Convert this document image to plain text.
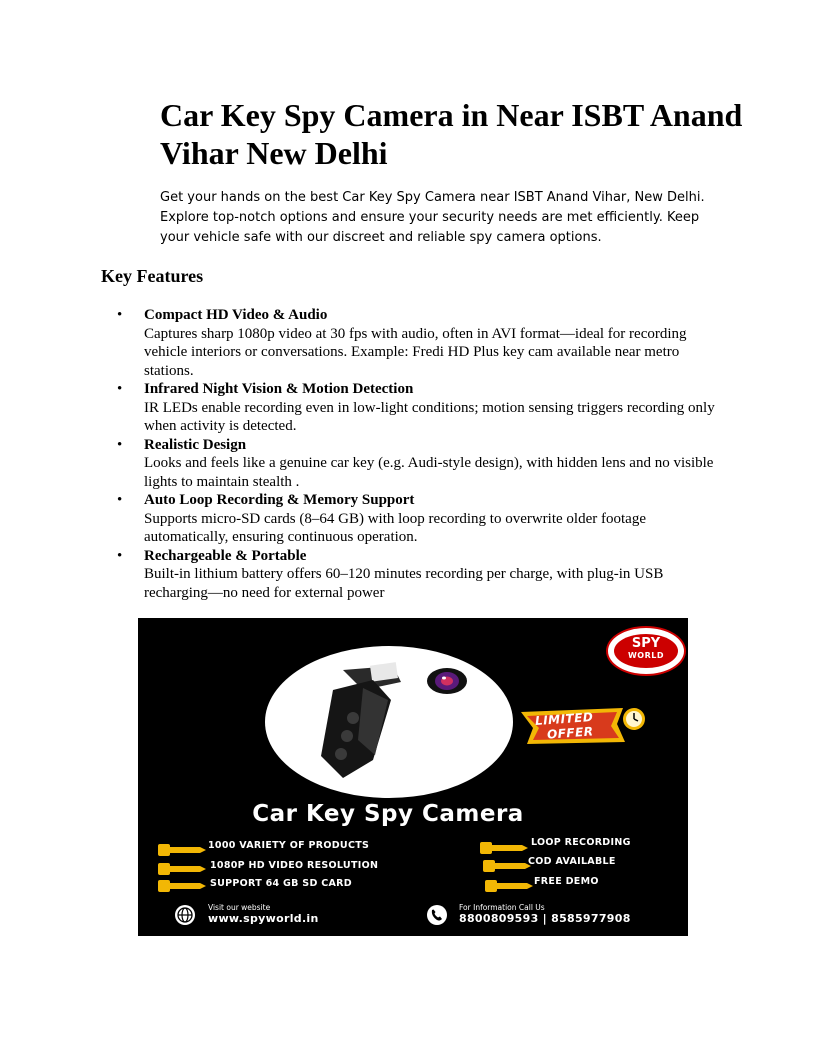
Car Key Spy Camera in Near ISBT Anand Vihar New Delhi

Get your hands on the best Car Key Spy Camera near ISBT Anand Vihar, New Delhi. Explore top-notch options and ensure your security needs are met efficiently. Keep your vehicle safe with our discreet and reliable spy camera options.

Key Features
• Compact HD Video & Audio
Captures sharp 1080p video at 30 fps with audio, often in AVI format—ideal for recording vehicle interiors or conversations. Example: Fredi HD Plus key cam available near metro stations.
• Infrared Night Vision & Motion Detection
IR LEDs enable recording even in low-light conditions; motion sensing triggers recording only when activity is detected.
• Realistic Design
Looks and feels like a genuine car key (e.g. Audi-style design), with hidden lens and no visible lights to maintain stealth .
• Auto Loop Recording & Memory Support
Supports micro-SD cards (8–64 GB) with loop recording to overwrite older footage automatically, ensuring continuous operation.
• Rechargeable & Portable
Built-in lithium battery offers 60–120 minutes recording per charge, with plug-in USB recharging—no need for external power
SPY
WORLD
LIMITED
OFFER
Car Key Spy Camera
1000 VARIETY OF PRODUCTS
1080P HD VIDEO RESOLUTION
SUPPORT 64 GB SD CARD
LOOP RECORDING
COD AVAILABLE
FREE DEMO
Visit our website
www.spyworld.in
For Information Call Us
8800809593 | 8585977908
